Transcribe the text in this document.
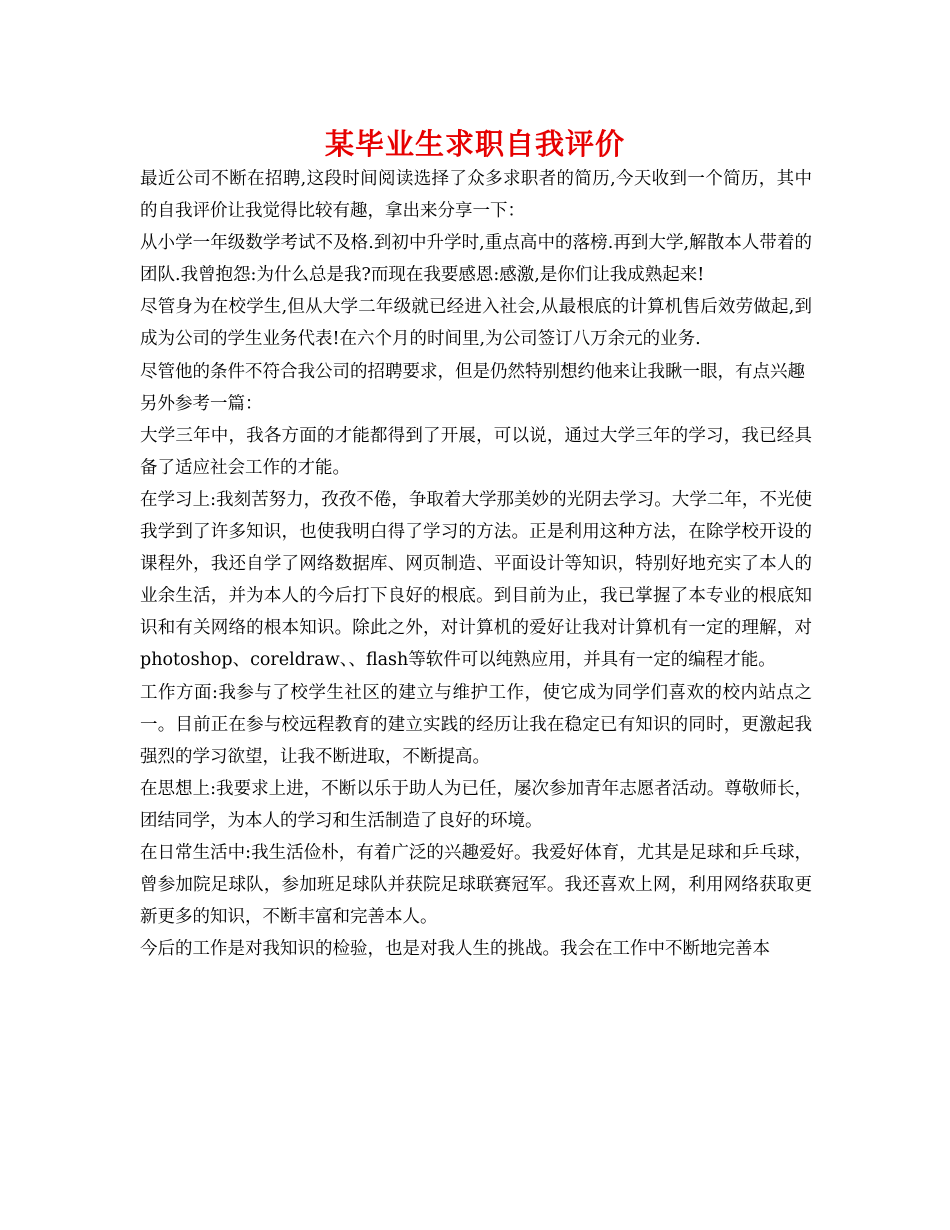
某毕业生求职自我评价

最近公司不断在招聘,这段时间阅读选择了众多求职者的简历,今天收到一个简历，其中的自我评价让我觉得比较有趣，拿出来分享一下：

从小学一年级数学考试不及格.到初中升学时,重点高中的落榜.再到大学,解散本人带着的团队.我曾抱怨:为什么总是我?而现在我要感恩:感激,是你们让我成熟起来!

尽管身为在校学生,但从大学二年级就已经进入社会,从最根底的计算机售后效劳做起,到成为公司的学生业务代表!在六个月的时间里,为公司签订八万余元的业务.

尽管他的条件不符合我公司的招聘要求，但是仍然特别想约他来让我瞅一眼，有点兴趣

另外参考一篇：

大学三年中，我各方面的才能都得到了开展，可以说，通过大学三年的学习，我已经具备了适应社会工作的才能。

在学习上:我刻苦努力，孜孜不倦，争取着大学那美妙的光阴去学习。大学二年，不光使我学到了许多知识，也使我明白得了学习的方法。正是利用这种方法，在除学校开设的课程外，我还自学了网络数据库、网页制造、平面设计等知识，特别好地充实了本人的业余生活，并为本人的今后打下良好的根底。到目前为止，我已掌握了本专业的根底知识和有关网络的根本知识。除此之外，对计算机的爱好让我对计算机有一定的理解，对photoshop、coreldraw、、flash等软件可以纯熟应用，并具有一定的编程才能。

工作方面:我参与了校学生社区的建立与维护工作，使它成为同学们喜欢的校内站点之一。目前正在参与校远程教育的建立实践的经历让我在稳定已有知识的同时，更激起我强烈的学习欲望，让我不断进取，不断提高。

在思想上:我要求上进，不断以乐于助人为已任，屡次参加青年志愿者活动。尊敬师长，团结同学，为本人的学习和生活制造了良好的环境。

在日常生活中:我生活俭朴，有着广泛的兴趣爱好。我爱好体育，尤其是足球和乒乓球，曾参加院足球队，参加班足球队并获院足球联赛冠军。我还喜欢上网，利用网络获取更新更多的知识，不断丰富和完善本人。

今后的工作是对我知识的检验，也是对我人生的挑战。我会在工作中不断地完善本
